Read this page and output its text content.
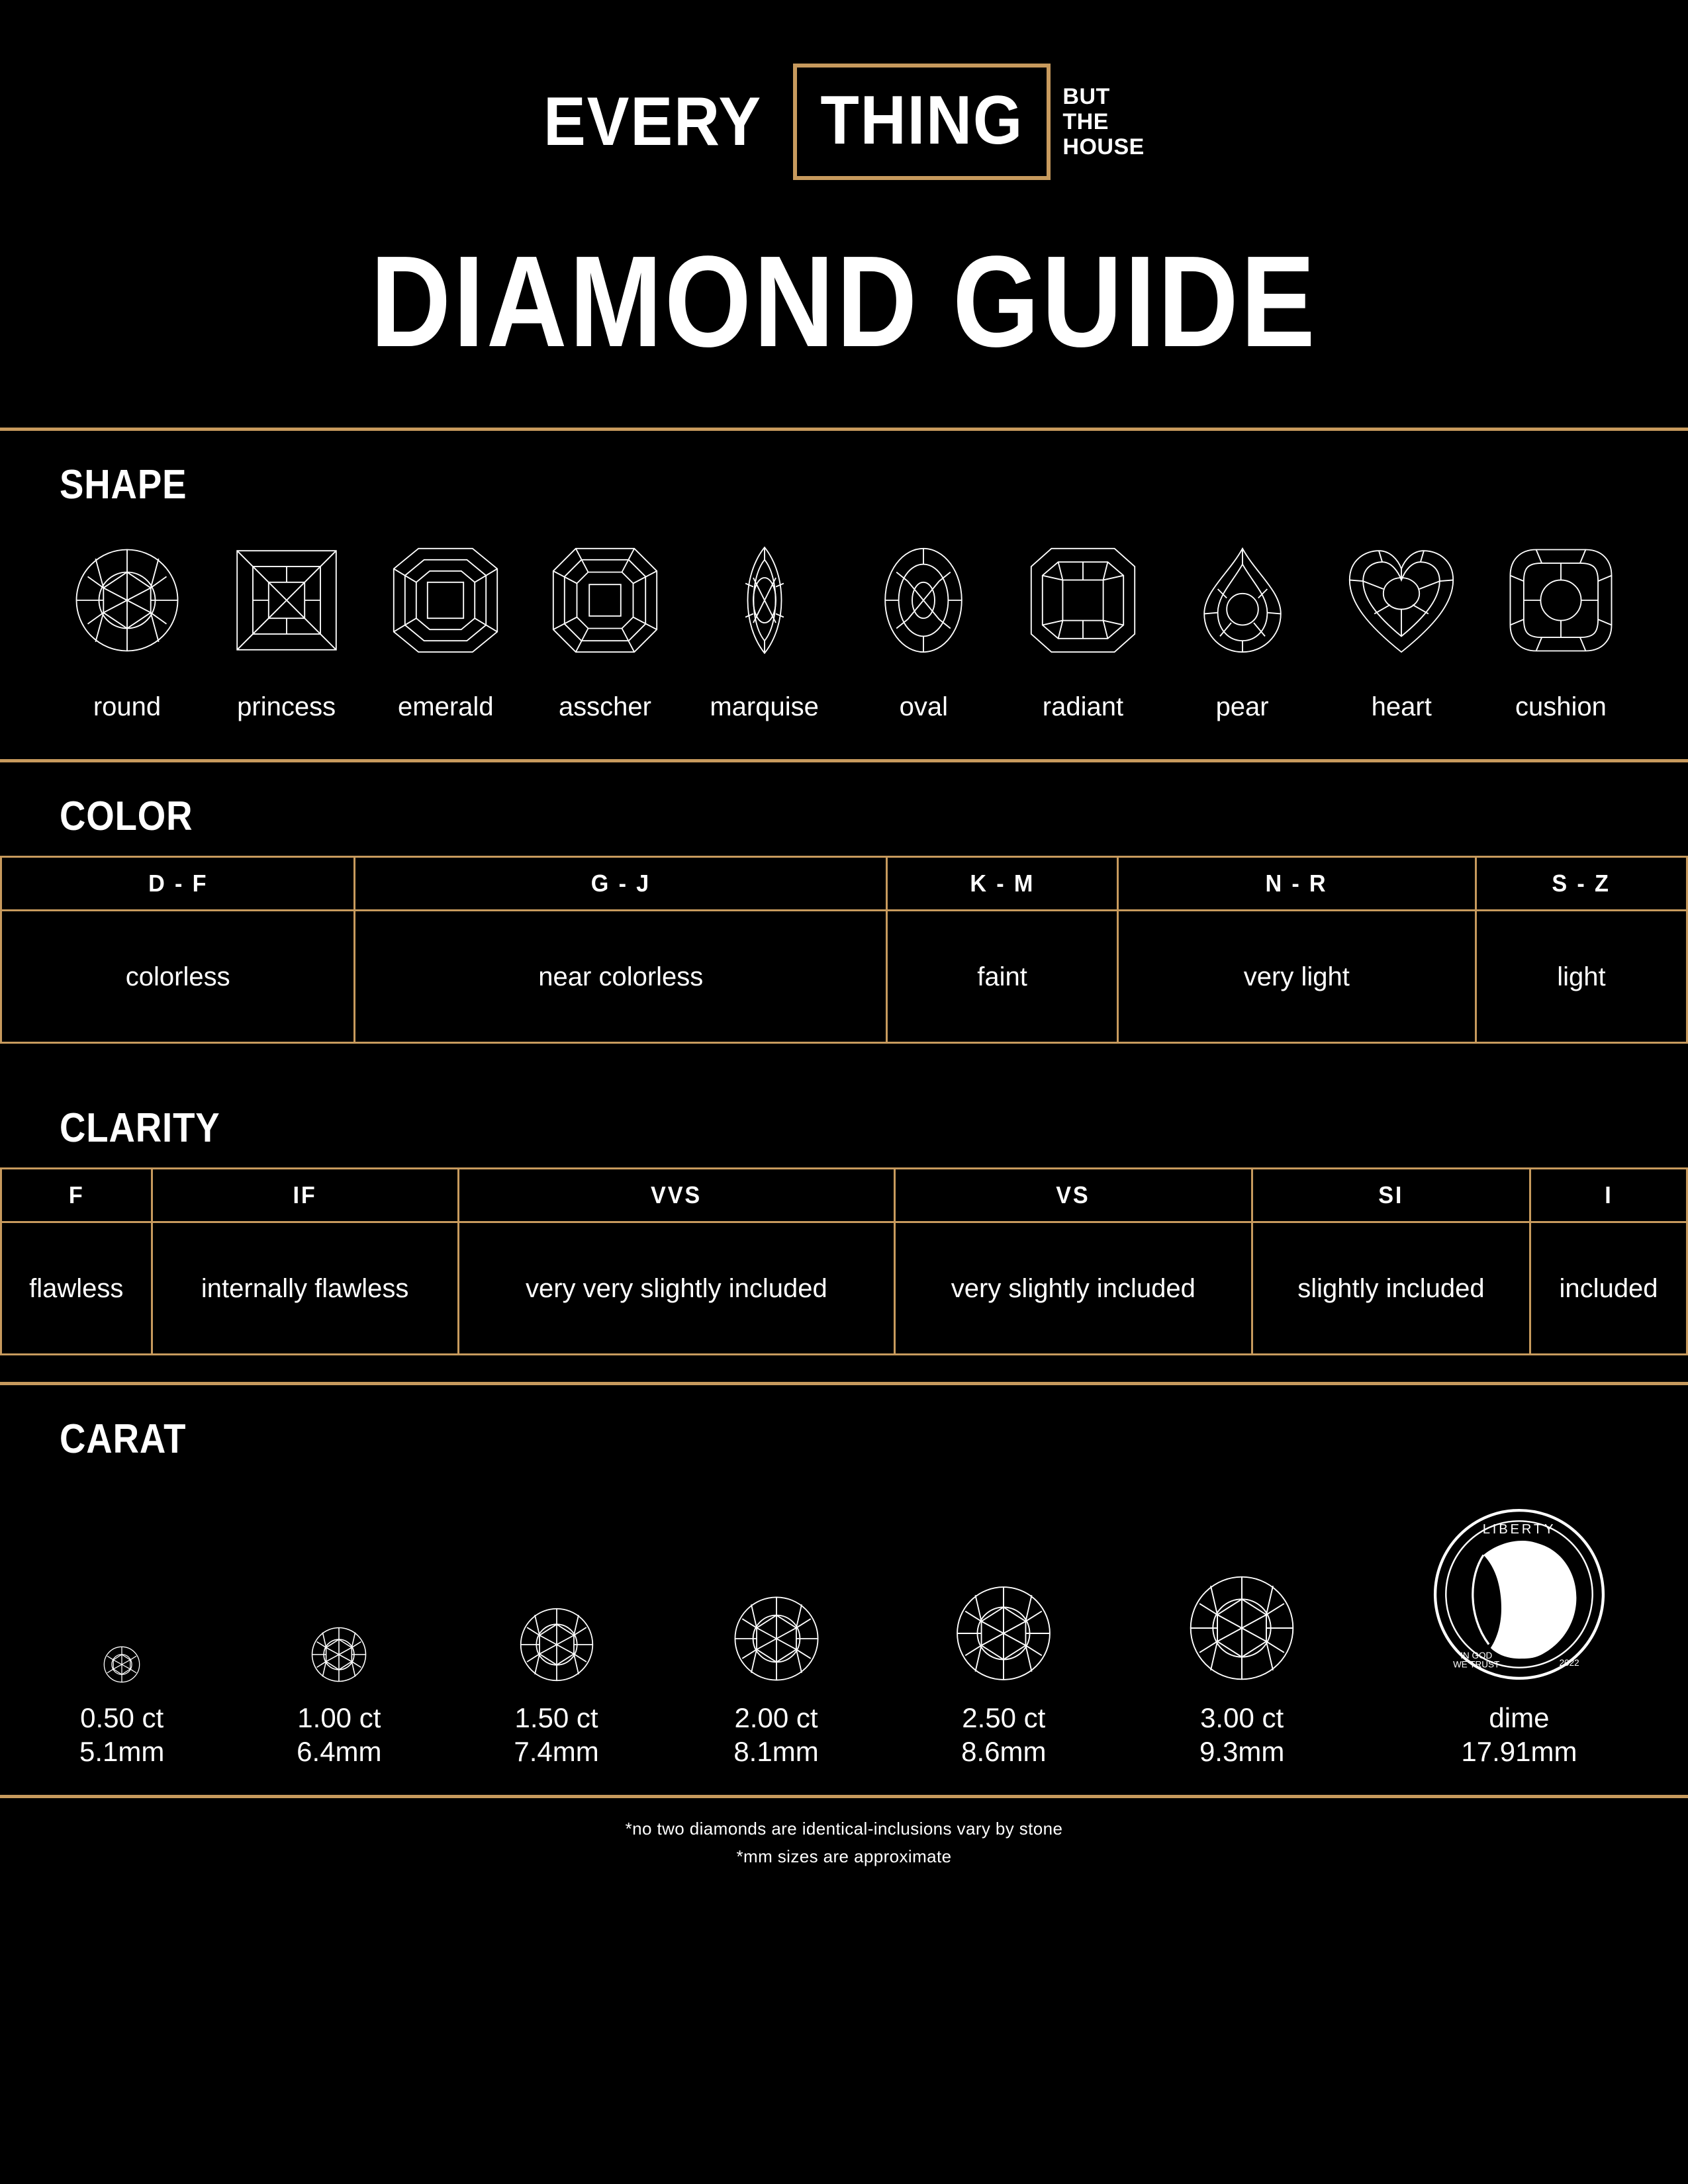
EVERY THING BUT
THE
HOUSE
DIAMOND GUIDE
SHAPE
round	princess emerald asscher marquise	oval	radiant	pear	heart	cushion
COLOR
D - F	G - J	K - M	N - R	S - Z
colorless	near colorless	faint	very light	light
CLARITY
F	IF	VVS	VS	SI	I
flawless	internally flawless	very very slightly included	very slightly included	slightly included	included
CARAT
0.50 ct
5.1mm
1.00 ct
6.4mm
1.50 ct
7.4mm
2.00 ct
8.1mm
2.50 ct
8.6mm
3.00 ct
9.3mm
LIBERTY
IN GOD
WE TRUST	2022
dime
17.91mm
*no two diamonds are identical-inclusions vary by stone
*mm sizes are approximate
